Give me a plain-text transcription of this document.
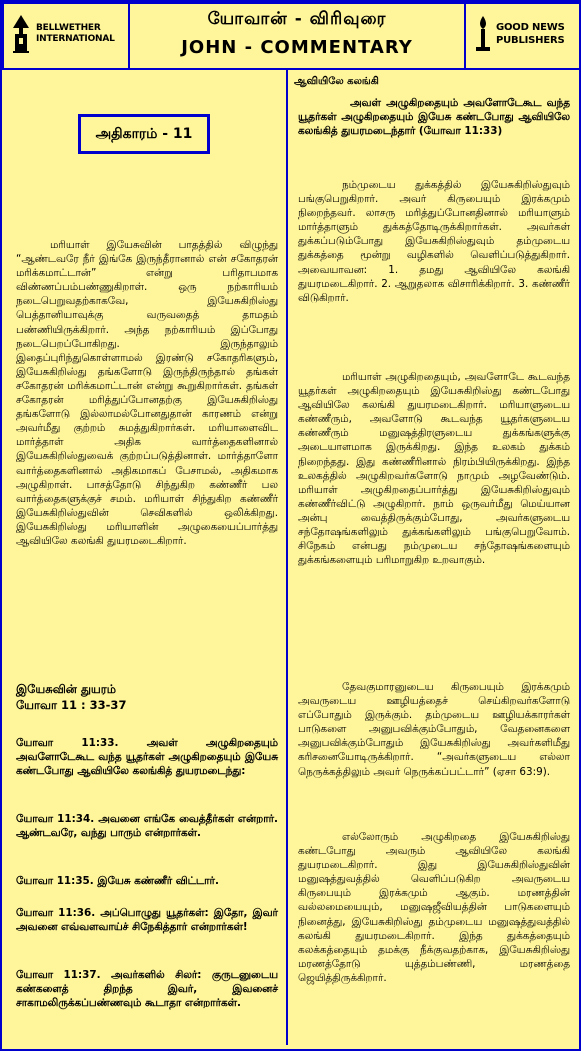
BELLWETHER
INTERNATIONAL
யோவான் - விரிவுரை
JOHN - COMMENTARY
GOOD NEWS
PUBLISHERS
அதிகாரம் - 11

மரியாள் இயேசுவின் பாதத்தில் விழுந்து “ஆண்டவரே நீர் இங்கே இருந்தீரானால் என் சகோதரன் மரிக்கமாட்டான்” என்று பரிதாபமாக விண்ணப்பம்பண்ணுகிறாள். ஒரு நற்காரியம் நடைபெறுவதற்காகவே, இயேசுகிறிஸ்து பெத்தானியாவுக்கு வருவதைத் தாமதம் பண்ணியிருக்கிறார். அந்த நற்காரியம் இப்போது நடைபெறப்போகிறது. இருந்தாலும் இதைப்புரிந்துகொள்ளாமல் இரண்டு சகோதரிகளும், இயேசுகிறிஸ்து தங்களோடு இருந்திருந்தால் தங்கள் சகோதரன் மரிக்கமாட்டான் என்று கூறுகிறார்கள். தங்கள் சகோதரன் மரித்துப்போனதற்கு இயேசுகிறிஸ்து தங்களோடு இல்லாமல்போனதுதான் காரணம் என்று அவர்மீது குற்றம் சுமத்துகிறார்கள். மரியாளைவிட மார்த்தாள் அதிக வார்த்தைகளினால் இயேசுகிறிஸ்துவைக் குற்றப்படுத்தினாள். மார்த்தாளோ வார்த்தைகளினால் அதிகமாகப் பேசாமல், அதிகமாக அழுகிறாள். பாசத்தோடு சிந்துகிற கண்ணீர் பல வார்த்தைகளுக்குச் சமம். மரியாள் சிந்துகிற கண்ணீர் இயேசுகிறிஸ்துவின் செவிகளில் ஒலிக்கிறது. இயேசுகிறிஸ்து மரியாளின் அழுகையைப்பார்த்து ஆவியிலே கலங்கி துயரமடைகிறார்.

இயேசுவின் துயரம்
யோவா 11 : 33-37

யோவா 11:33. அவள் அழுகிறதையும் அவளோடேகூட வந்த யூதர்கள் அழுகிறதையும் இயேசு கண்டபோது ஆவியிலே கலங்கித் துயரமடைந்து:

யோவா 11:34. அவனை எங்கே வைத்தீர்கள் என்றார். ஆண்டவரே, வந்து பாரும் என்றார்கள்.

யோவா 11:35. இயேசு கண்ணீர் விட்டார்.

யோவா 11:36. அப்பொழுது யூதர்கள்: இதோ, இவர் அவனை எவ்வளவாய்ச் சிநேகித்தார் என்றார்கள்!

யோவா 11:37. அவர்களில் சிலர்: குருடனுடைய கண்களைத் திறந்த இவர், இவனைச் சாகாமலிருக்கப்பண்ணவும் கூடாதா என்றார்கள்.

ஆவியிலே கலங்கி

அவள் அழுகிறதையும் அவளோடேகூட வந்த யூதர்கள் அழுகிறதையும் இயேசு கண்டபோது ஆவியிலே கலங்கித் துயரமடைந்தார் (யோவா 11:33)

நம்முடைய துக்கத்தில் இயேசுகிறிஸ்துவும் பங்குபெறுகிறார். அவர் கிருபையும் இரக்கமும் நிறைந்தவர். லாசரு மரித்துப்போனதினால் மரியாளும் மார்த்தாளும் துக்கத்தோடிருக்கிறார்கள். அவர்கள் துக்கப்படும்போது இயேசுகிறிஸ்துவும் தம்முடைய துக்கத்தை மூன்று வழிகளில் வெளிப்படுத்துகிறார். அவையாவன: 1. தமது ஆவியிலே கலங்கி துயரமடைகிறார். 2. ஆறுதலாக விசாரிக்கிறார். 3. கண்ணீர் விடுகிறார்.

மரியாள் அழுகிறதையும், அவளோடே கூடவந்த யூதர்கள் அழுகிறதையும் இயேசுகிறிஸ்து கண்டபோது ஆவியிலே கலங்கி துயரமடைகிறார். மரியாளுடைய கண்ணீரும், அவளோடு கூடவந்த யூதர்களுடைய கண்ணீரும் மனுஷத்திரளுடைய துக்கங்களுக்கு அடையாளமாக இருக்கிறது. இந்த உலகம் துக்கம் நிறைந்தது. இது கண்ணீரினால் நிரம்பியிருக்கிறது. இந்த உலகத்தில் அழுகிறவர்களோடு நாமும் அழவேண்டும். மரியாள் அழுகிறதைப்பார்த்து இயேசுகிறிஸ்துவும் கண்ணீர்விட்டு அழுகிறார். நாம் ஒருவர்மீது மெய்யான அன்பு வைத்திருக்கும்போது, அவர்களுடைய சந்தோஷங்களிலும் துக்கங்களிலும் பங்குபெறுவோம். சிநேகம் என்பது நம்முடைய சந்தோஷங்களையும் துக்கங்களையும் பரிமாறுகிற உறவாகும்.

தேவகுமாரனுடைய கிருபையும் இரக்கமும் அவருடைய ஊழியத்தைச் செய்கிறவர்களோடு எப்போதும் இருக்கும். தம்முடைய ஊழியக்காரர்கள் பாடுகளை அனுபவிக்கும்போதும், வேதனைகளை அனுபவிக்கும்போதும் இயேசுகிறிஸ்து அவர்களிமீது கரிசனையோடிருக்கிறார். “அவர்களுடைய எல்லா நெருக்கத்திலும் அவர் நெருக்கப்பட்டார்” (ஏசா 63:9).

எல்லோரும் அழுகிறதை இயேசுகிறிஸ்து கண்டபோது அவரும் ஆவியிலே கலங்கி துயரமடைகிறார். இது இயேசுகிறிஸ்துவின் மனுஷத்துவத்தில் வெளிப்படுகிற அவருடைய கிருபையும் இரக்கமும் ஆகும். மரணத்தின் வல்லமையையும், மனுஷஜீவியத்தின் பாடுகளையும் நினைத்து, இயேசுகிறிஸ்து தம்முடைய மனுஷத்துவத்தில் கலங்கி துயரமடைகிறார். இந்த துக்கத்தையும் கலக்கத்தையும் தமக்கு நீக்குவதற்காக, இயேசுகிறிஸ்து மரணத்தோடு யுத்தம்பண்ணி, மரணத்தை ஜெயித்திருக்கிறார்.
